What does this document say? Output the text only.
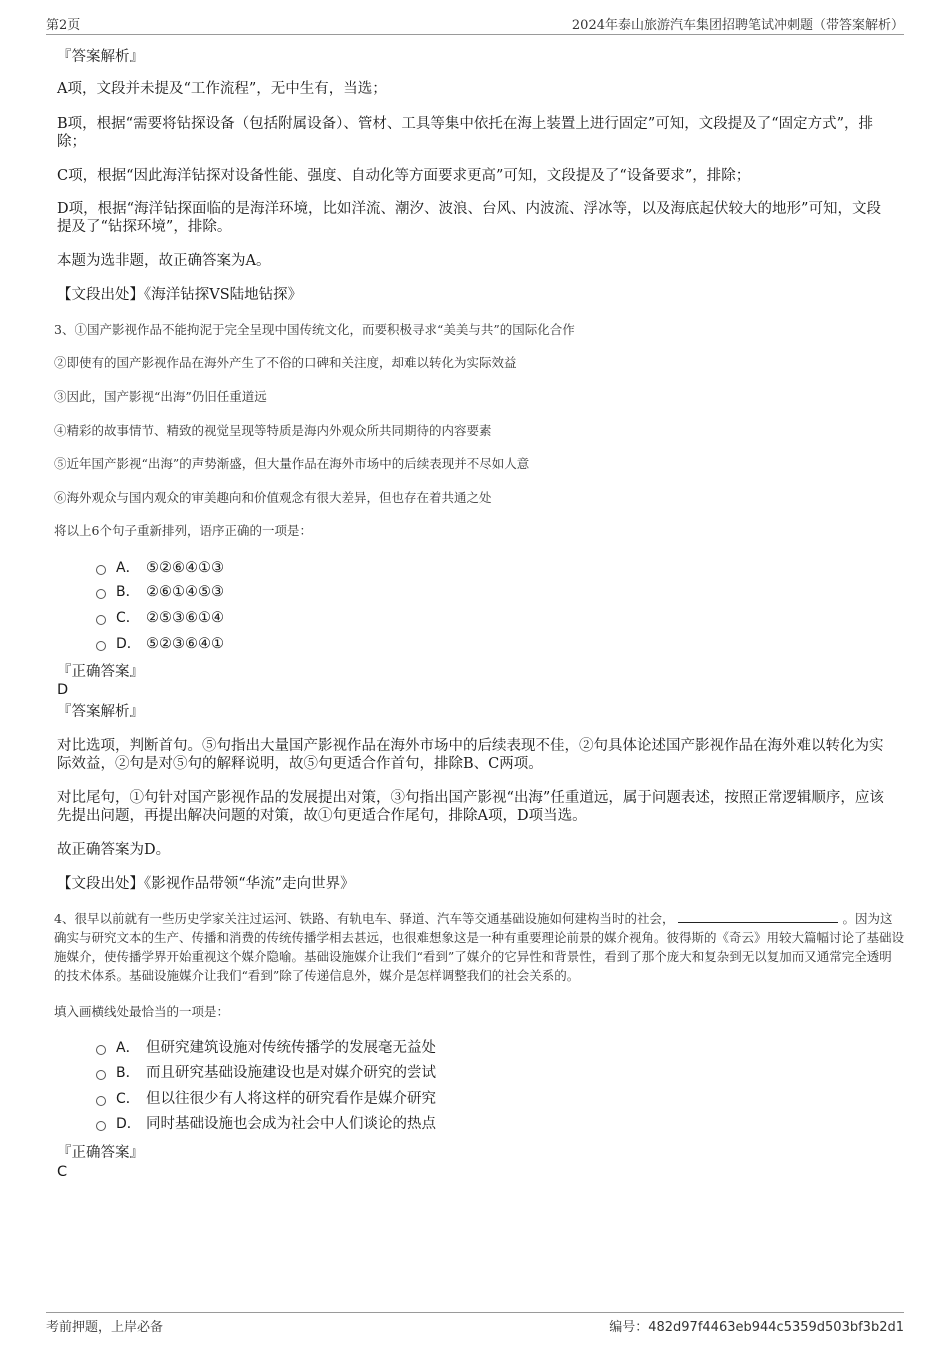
第2页	2024年泰山旅游汽车集团招聘笔试冲刺题（带答案解析）
『答案解析』
A项，文段并未提及“工作流程”，无中生有，当选；
B项，根据“需要将钻探设备（包括附属设备）、管材、工具等集中依托在海上装置上进行固定”可知，文段提及了“固定方式”，排除；
C项，根据“因此海洋钻探对设备性能、强度、自动化等方面要求更高”可知，文段提及了“设备要求”，排除；
D项，根据“海洋钻探面临的是海洋环境，比如洋流、潮汐、波浪、台风、内波流、浮冰等，以及海底起伏较大的地形”可知，文段提及了“钻探环境”，排除。
本题为选非题，故正确答案为A。
【文段出处】《海洋钻探VS陆地钻探》
3、①国产影视作品不能拘泥于完全呈现中国传统文化，而要积极寻求“美美与共”的国际化合作
②即使有的国产影视作品在海外产生了不俗的口碑和关注度，却难以转化为实际效益
③因此，国产影视“出海”仍旧任重道远
④精彩的故事情节、精致的视觉呈现等特质是海内外观众所共同期待的内容要素
⑤近年国产影视“出海”的声势渐盛，但大量作品在海外市场中的后续表现并不尽如人意
⑥海外观众与国内观众的审美趣向和价值观念有很大差异，但也存在着共通之处
将以上6个句子重新排列，语序正确的一项是：
A． ⑤②⑥④①③
B． ②⑥①④⑤③
C． ②⑤③⑥①④
D． ⑤②③⑥④①
『正确答案』
D
『答案解析』
对比选项，判断首句。⑤句指出大量国产影视作品在海外市场中的后续表现不佳，②句具体论述国产影视作品在海外难以转化为实际效益，②句是对⑤句的解释说明，故⑤句更适合作首句，排除B、C两项。
对比尾句，①句针对国产影视作品的发展提出对策，③句指出国产影视“出海”任重道远，属于问题表述，按照正常逻辑顺序，应该先提出问题，再提出解决问题的对策，故①句更适合作尾句，排除A项，D项当选。
故正确答案为D。
【文段出处】《影视作品带领“华流”走向世界》
4、很早以前就有一些历史学家关注过运河、铁路、有轨电车、驿道、汽车等交通基础设施如何建构当时的社会，	。因为这确实与研究文本的生产、传播和消费的传统传播学相去甚远，也很难想象这是一种有重要理论前景的媒介视角。彼得斯的《奇云》用较大篇幅讨论了基础设施媒介，使传播学界开始重视这个媒介隐喻。基础设施媒介让我们“看到”了媒介的它异性和背景性，看到了那个庞大和复杂到无以复加而又通常完全透明的技术体系。基础设施媒介让我们“看到”除了传递信息外，媒介是怎样调整我们的社会关系的。
填入画横线处最恰当的一项是：
A． 但研究建筑设施对传统传播学的发展毫无益处
B． 而且研究基础设施建设也是对媒介研究的尝试
C． 但以往很少有人将这样的研究看作是媒介研究
D． 同时基础设施也会成为社会中人们谈论的热点
『正确答案』
C
考前押题，上岸必备	编号：482d97f4463eb944c5359d503bf3b2d1
